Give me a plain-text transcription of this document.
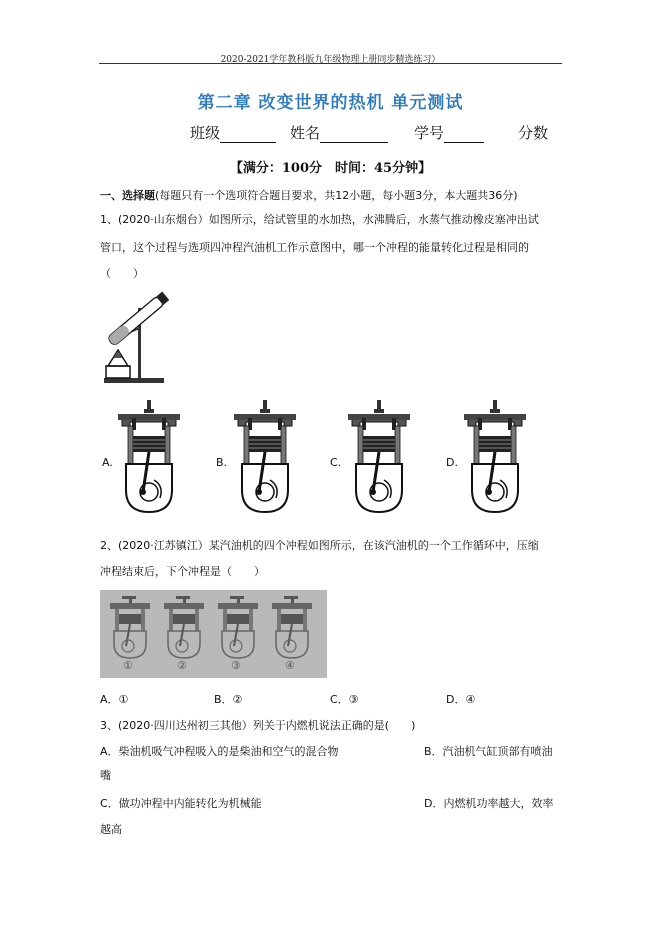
2020-2021学年教科版九年级物理上册同步精选练习）
第二章 改变世界的热机 单元测试
班级	姓名	学号	分数
【满分：100分　时间：45分钟】
一、选择题(每题只有一个选项符合题目要求，共12小题，每小题3分，本大题共36分)
1、(2020·山东烟台）如图所示，给试管里的水加热，水沸腾后，水蒸气推动橡皮塞冲出试
管口，这个过程与选项四冲程汽油机工作示意图中，哪一个冲程的能量转化过程是相同的
（　　）
A.	B.	C.	D.
2、(2020·江苏镇江）某汽油机的四个冲程如图所示，在该汽油机的一个工作循环中，压缩
冲程结束后，下个冲程是（　　）
①	②	③	④
A．①	B．②	C．③	D．④
3、(2020·四川达州初三其他）列关于内燃机说法正确的是(　　)
A．柴油机吸气冲程吸入的是柴油和空气的混合物	B．汽油机气缸顶部有喷油
嘴
C．做功冲程中内能转化为机械能	D．内燃机功率越大，效率
越高
